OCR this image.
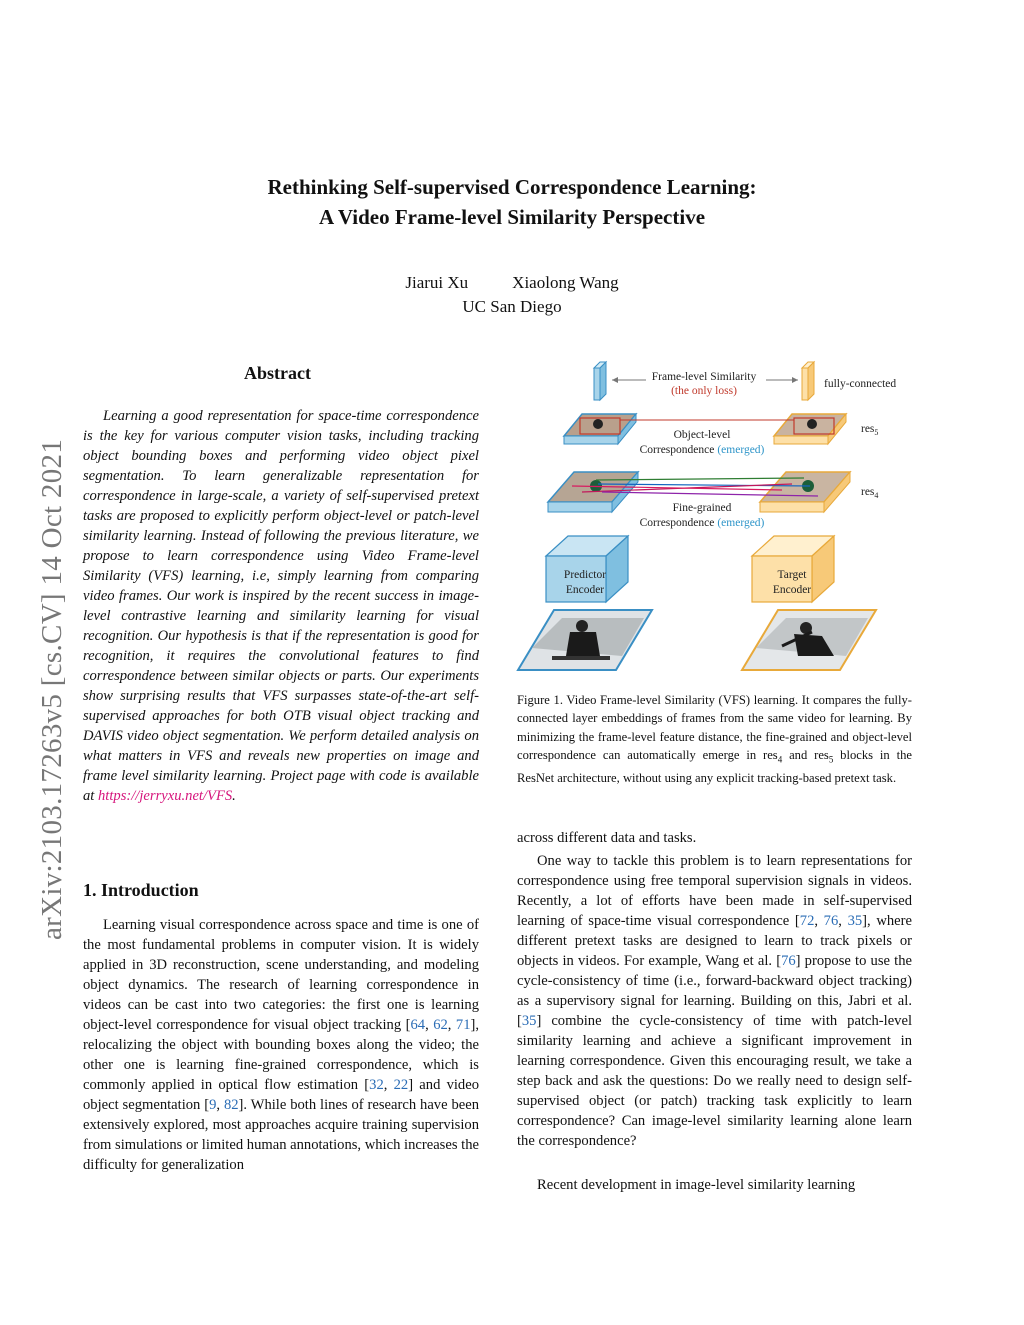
arXiv:2103.17263v5 [cs.CV] 14 Oct 2021
Rethinking Self-supervised Correspondence Learning:
A Video Frame-level Similarity Perspective
Jiarui Xu	Xiaolong Wang
UC San Diego
Abstract
Learning a good representation for space-time correspondence is the key for various computer vision tasks, including tracking object bounding boxes and performing video object pixel segmentation. To learn generalizable representation for correspondence in large-scale, a variety of self-supervised pretext tasks are proposed to explicitly perform object-level or patch-level similarity learning. Instead of following the previous literature, we propose to learn correspondence using Video Frame-level Similarity (VFS) learning, i.e, simply learning from comparing video frames. Our work is inspired by the recent success in image-level contrastive learning and similarity learning for visual recognition. Our hypothesis is that if the representation is good for recognition, it requires the convolutional features to find correspondence between similar objects or parts. Our experiments show surprising results that VFS surpasses state-of-the-art self-supervised approaches for both OTB visual object tracking and DAVIS video object segmentation. We perform detailed analysis on what matters in VFS and reveals new properties on image and frame level similarity learning. Project page with code is available at https://jerryxu.net/VFS.
1. Introduction
Learning visual correspondence across space and time is one of the most fundamental problems in computer vision. It is widely applied in 3D reconstruction, scene understanding, and modeling object dynamics. The research of learning correspondence in videos can be cast into two categories: the first one is learning object-level correspondence for visual object tracking [64, 62, 71], relocalizing the object with bounding boxes along the video; the other one is learning fine-grained correspondence, which is commonly applied in optical flow estimation [32, 22] and video object segmentation [9, 82]. While both lines of research have been extensively explored, most approaches acquire training supervision from simulations or limited human annotations, which increases the difficulty for generalization
Frame-level Similarity
(the only loss)
fully-connected
res$_5$
Object-level
Correspondence (emerged)
res$_4$
Fine-grained
Correspondence (emerged)
Predictor
Encoder
Target
Encoder
Figure 1. Video Frame-level Similarity (VFS) learning. It compares the fully-connected layer embeddings of frames from the same video for learning. By minimizing the frame-level feature distance, the fine-grained and object-level correspondence can automatically emerge in res$_4$ and res$_5$ blocks in the ResNet architecture, without using any explicit tracking-based pretext task.
across different data and tasks.
One way to tackle this problem is to learn representations for correspondence using free temporal supervision signals in videos. Recently, a lot of efforts have been made in self-supervised learning of space-time visual correspondence [72, 76, 35], where different pretext tasks are designed to learn to track pixels or objects in videos. For example, Wang et al. [76] propose to use the cycle-consistency of time (i.e., forward-backward object tracking) as a supervisory signal for learning. Building on this, Jabri et al. [35] combine the cycle-consistency of time with patch-level similarity learning and achieve a significant improvement in learning correspondence. Given this encouraging result, we take a step back and ask the questions: Do we really need to design self-supervised object (or patch) tracking task explicitly to learn correspondence? Can image-level similarity learning alone learn the correspondence?
Recent development in image-level similarity learning
